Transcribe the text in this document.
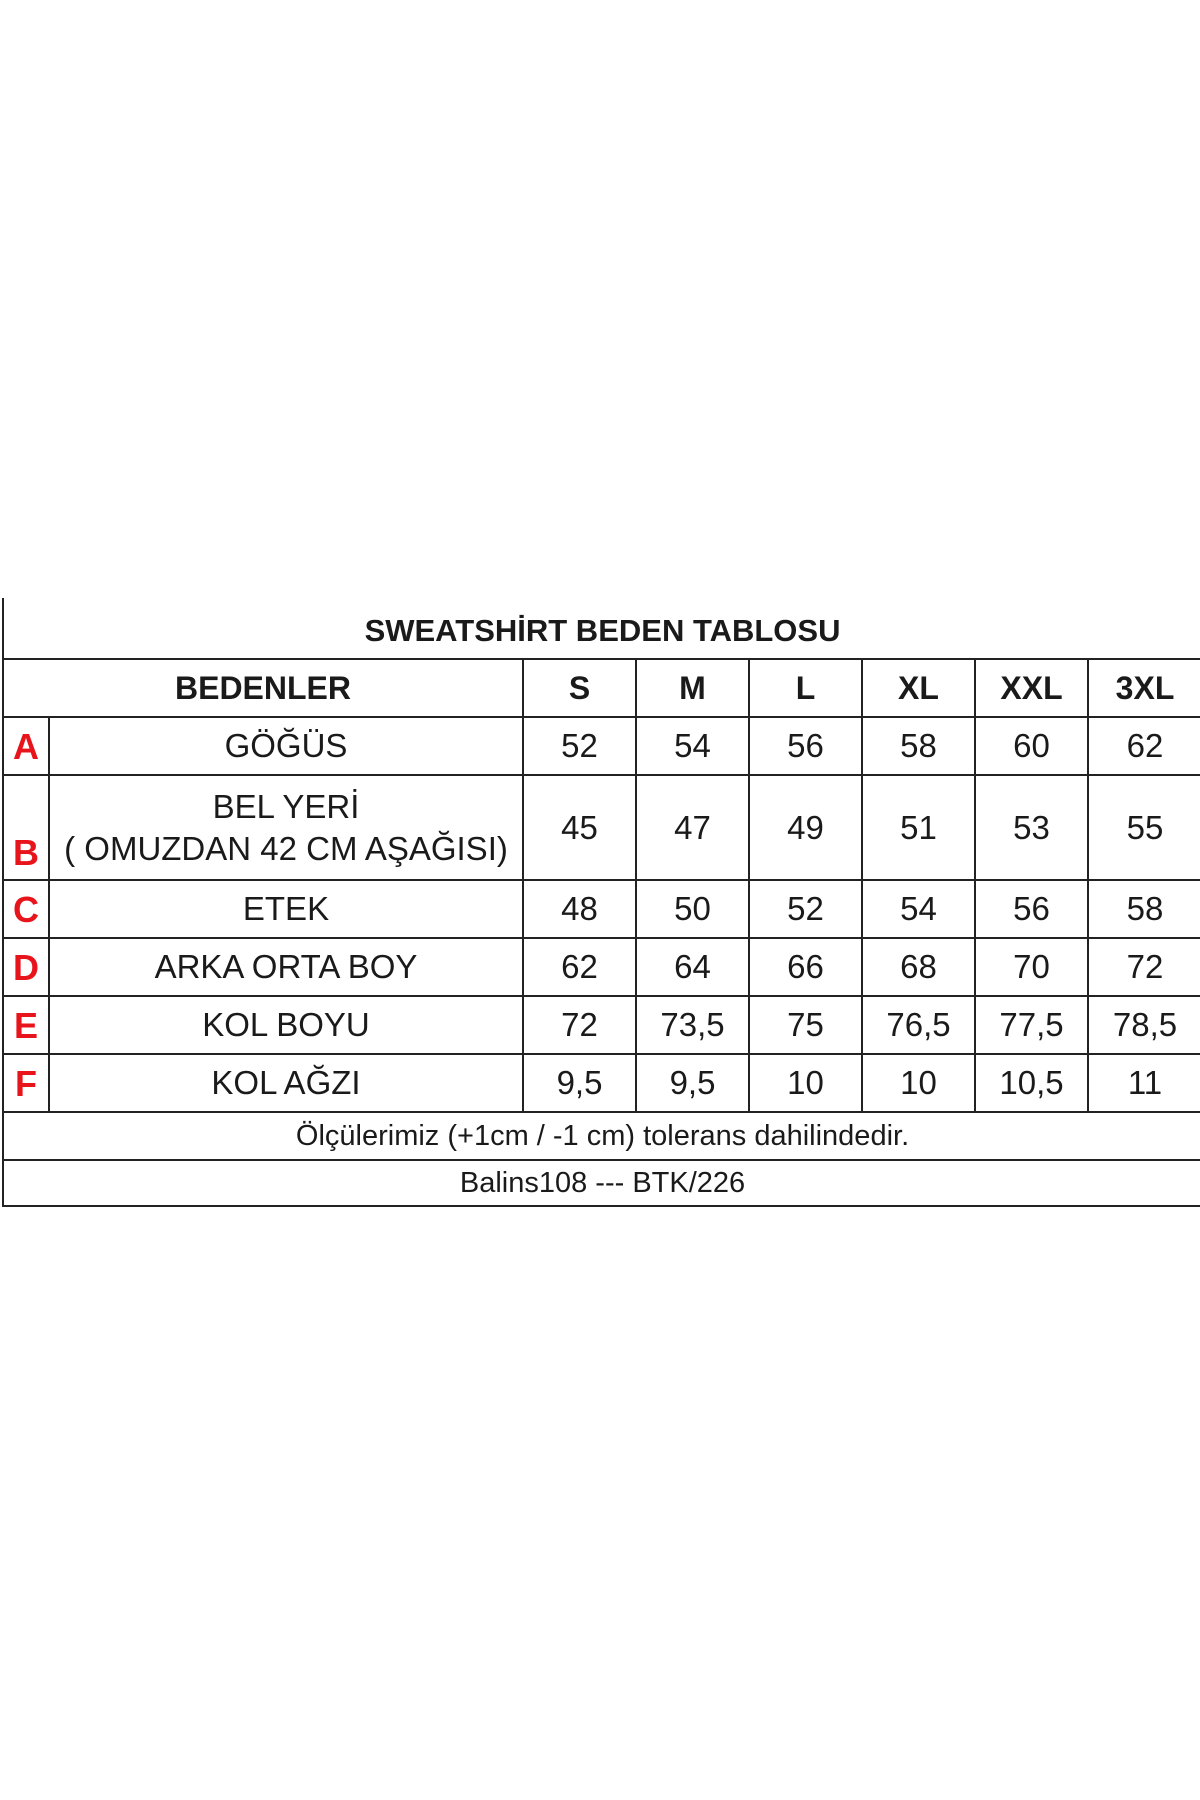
SWEATSHİRT BEDEN TABLOSU							
BEDENLER		S	M	L	XL	XXL	3XL
A	GÖĞÜS	52	54	56	58	60	62
B	BEL YERİ
( OMUZDAN 42 CM AŞAĞISI)	45	47	49	51	53	55
C	ETEK	48	50	52	54	56	58
D	ARKA ORTA BOY	62	64	66	68	70	72
E	KOL BOYU	72	73,5	75	76,5	77,5	78,5
F	KOL AĞZI	9,5	9,5	10	10	10,5	11
Ölçülerimiz (+1cm / -1 cm) tolerans dahilindedir.							
Balins108 --- BTK/226							
